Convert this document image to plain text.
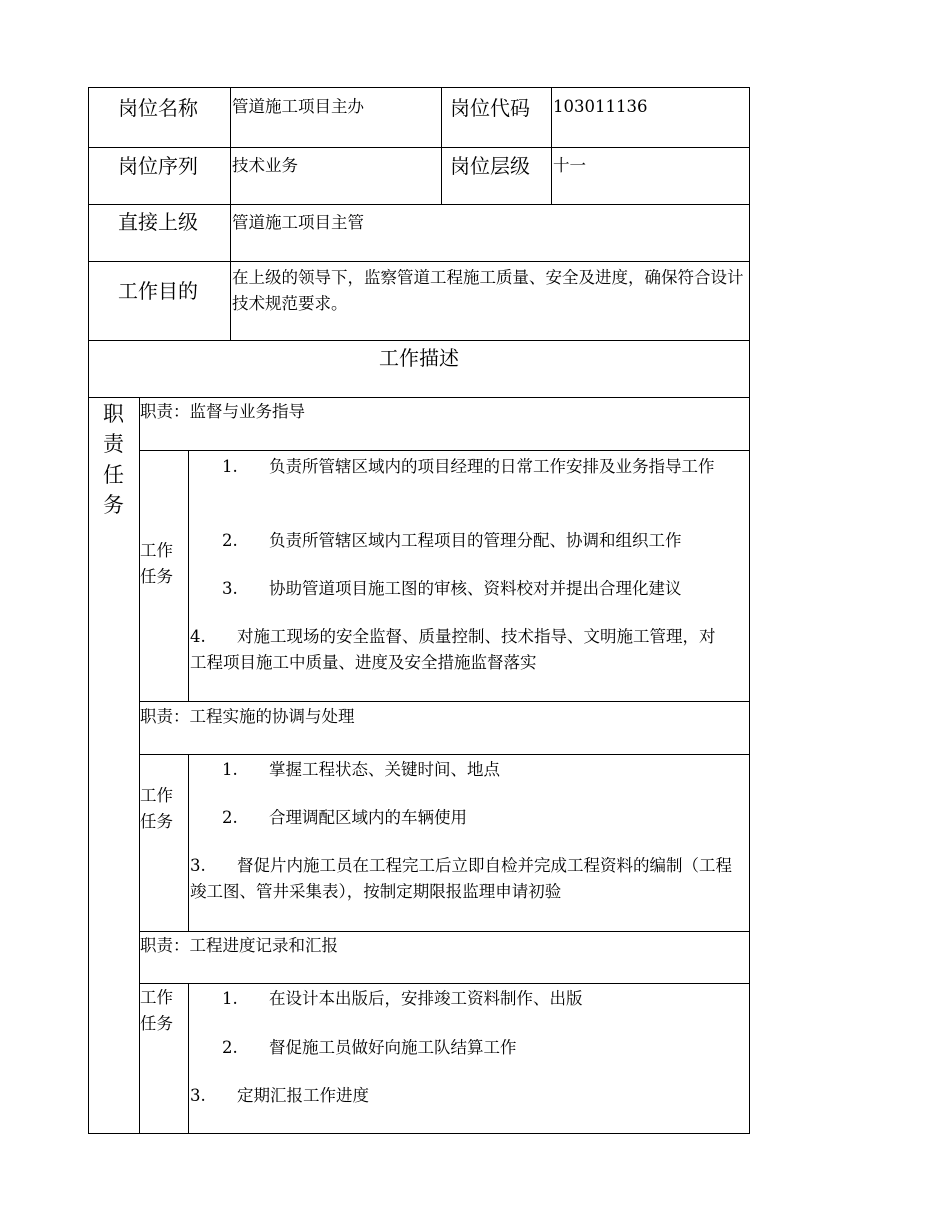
岗位名称 管道施工项目主办	岗位代码	103011136
岗位序列 技术业务	岗位层级	十一
直接上级 管道施工项目主管
工作目的
在上级的领导下，监察管道工程施工质量、安全及进度，确保符合设计技术规范要求。
工作描述
职责任务
职责：监督与业务指导
工作任务
1. 负责所管辖区域内的项目经理的日常工作安排及业务指导工作
2. 负责所管辖区域内工程项目的管理分配、协调和组织工作
3. 协助管道项目施工图的审核、资料校对并提出合理化建议
4. 对施工现场的安全监督、质量控制、技术指导、文明施工管理，对工程项目施工中质量、进度及安全措施监督落实
职责：工程实施的协调与处理
工作任务
1. 掌握工程状态、关键时间、地点
2. 合理调配区域内的车辆使用
3. 督促片内施工员在工程完工后立即自检并完成工程资料的编制（工程竣工图、管井采集表），按制定期限报监理申请初验
职责：工程进度记录和汇报
工作任务
1. 在设计本出版后，安排竣工资料制作、出版
2. 督促施工员做好向施工队结算工作
3. 定期汇报工作进度
